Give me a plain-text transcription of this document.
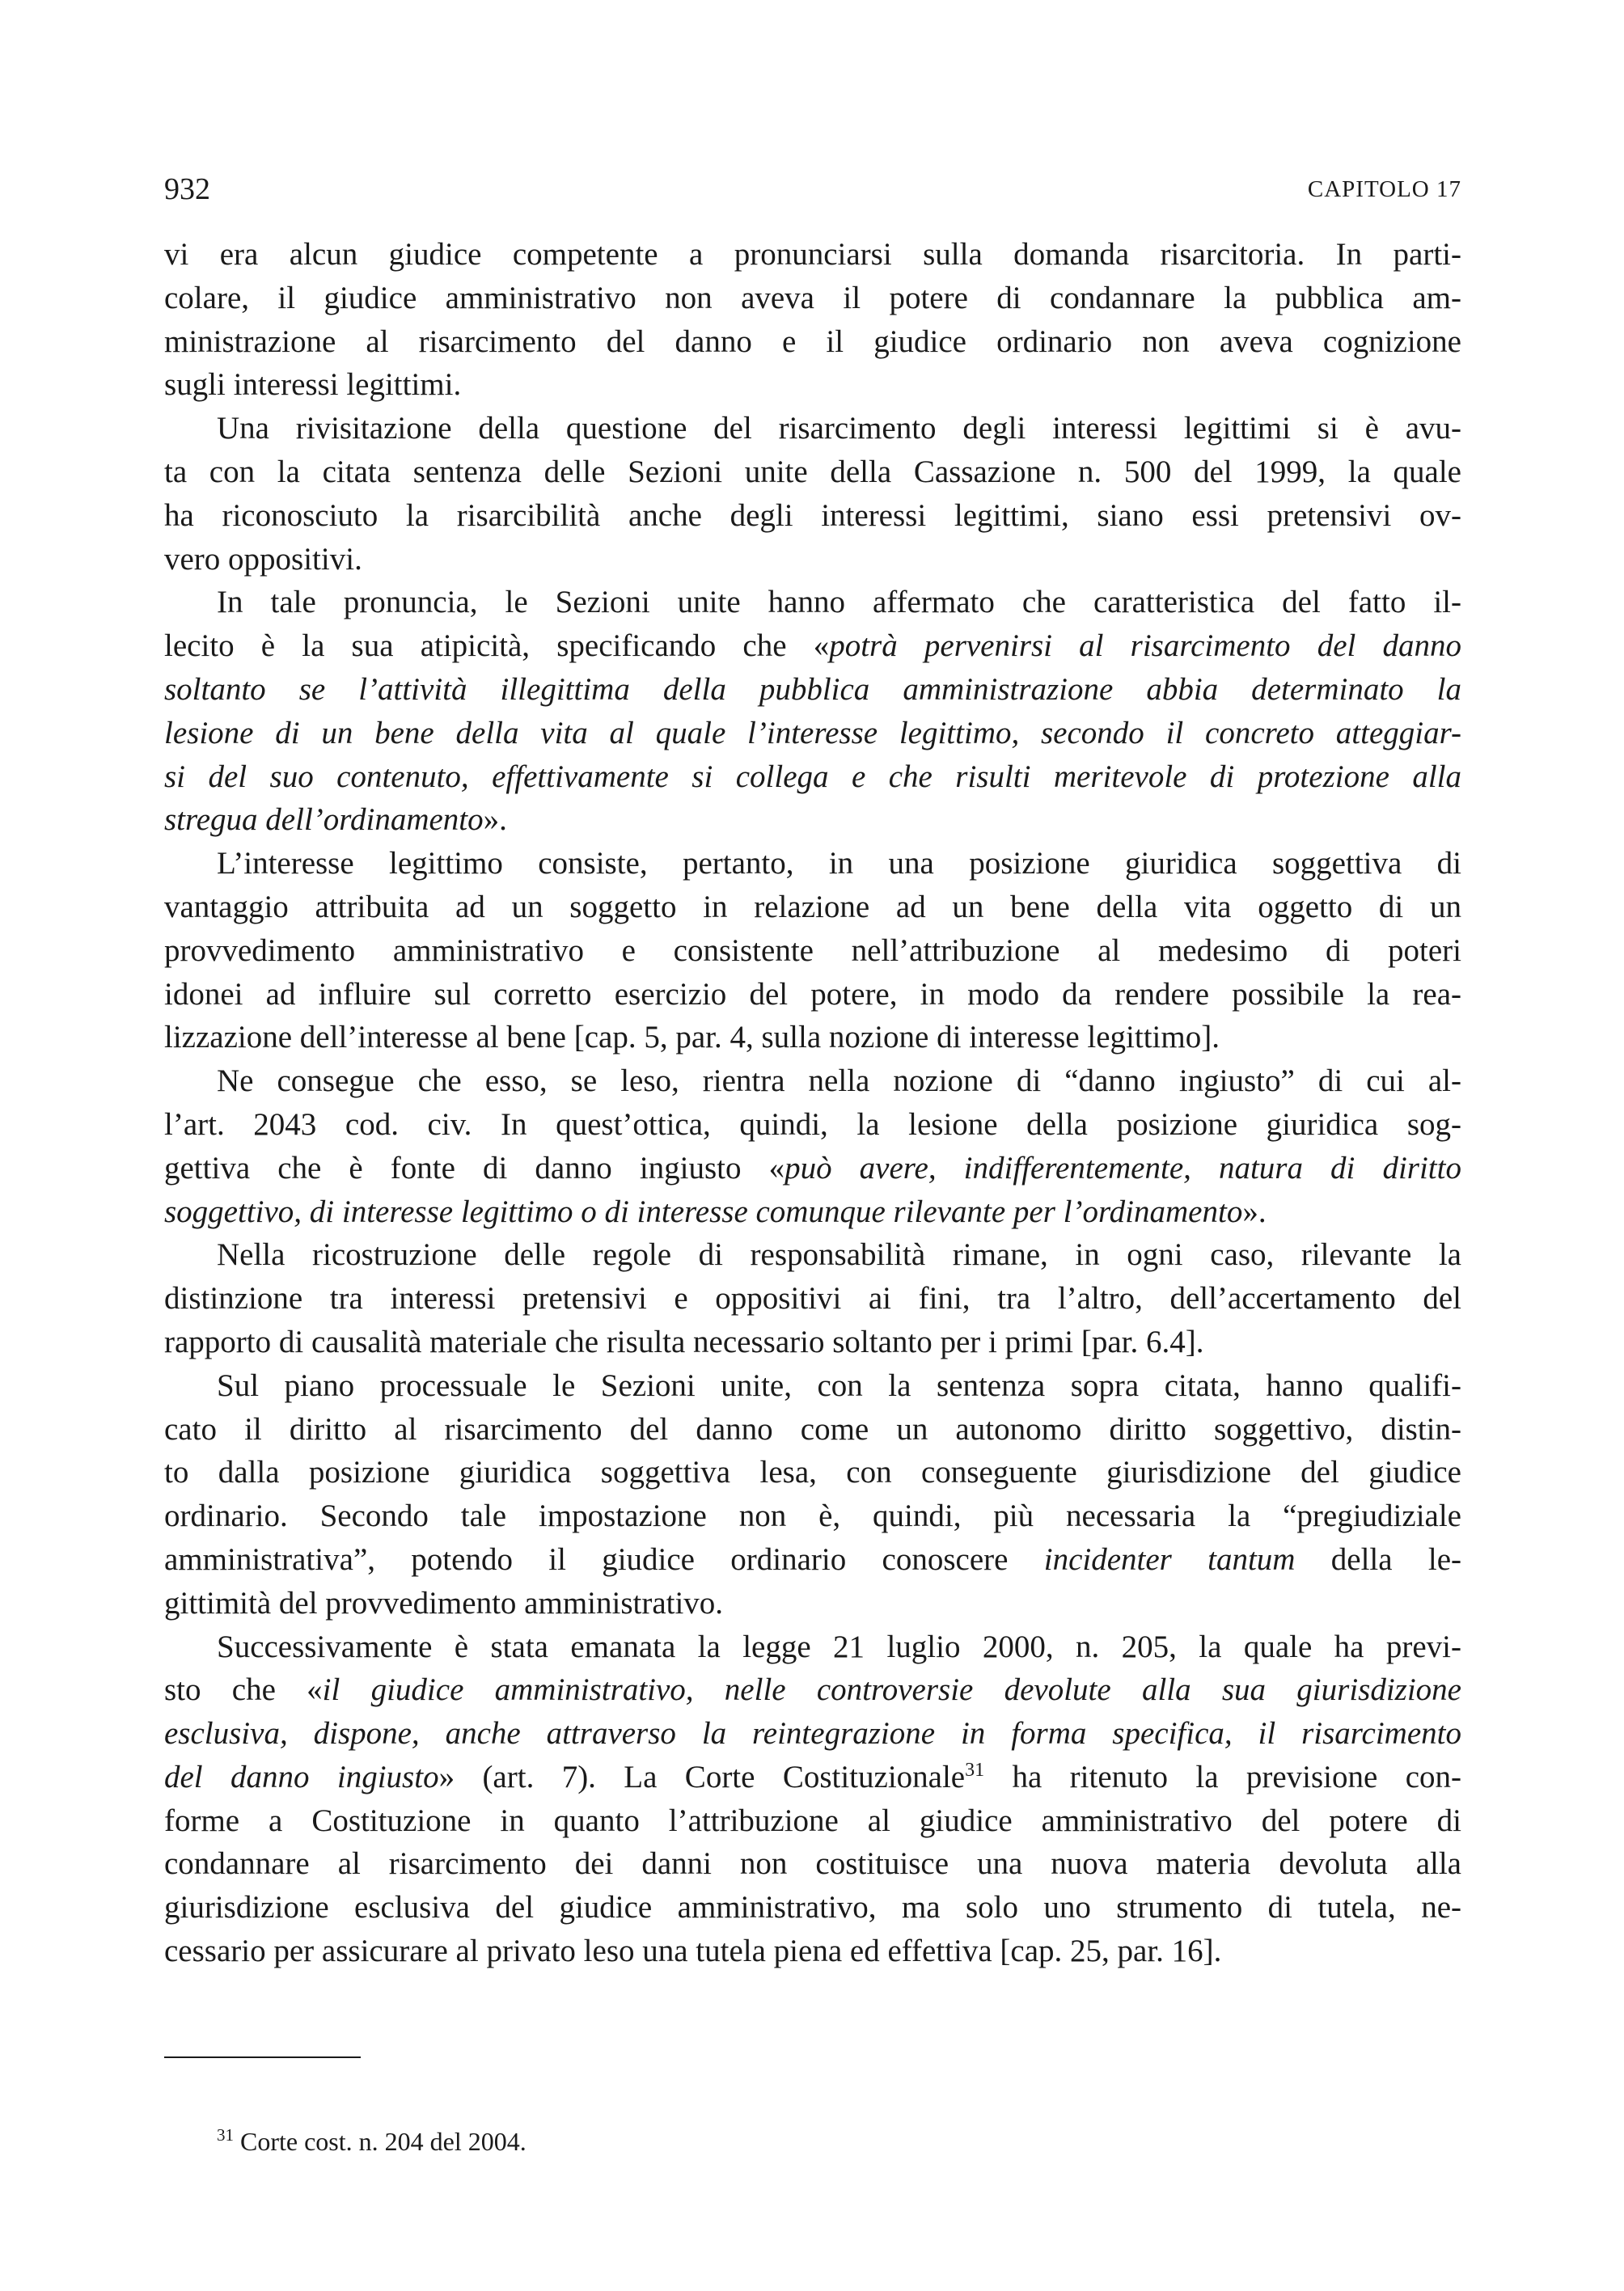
932	CAPITOLO 17
vi era alcun giudice competente a pronunciarsi sulla domanda risarcitoria. In parti-
colare, il giudice amministrativo non aveva il potere di condannare la pubblica am-
ministrazione al risarcimento del danno e il giudice ordinario non aveva cognizione
sugli interessi legittimi.
Una rivisitazione della questione del risarcimento degli interessi legittimi si è avu-
ta con la citata sentenza delle Sezioni unite della Cassazione n. 500 del 1999, la quale
ha riconosciuto la risarcibilità anche degli interessi legittimi, siano essi pretensivi ov-
vero oppositivi.
In tale pronuncia, le Sezioni unite hanno affermato che caratteristica del fatto il-
lecito è la sua atipicità, specificando che «potrà pervenirsi al risarcimento del danno
soltanto se l’attività illegittima della pubblica amministrazione abbia determinato la
lesione di un bene della vita al quale l’interesse legittimo, secondo il concreto atteggiar-
si del suo contenuto, effettivamente si collega e che risulti meritevole di protezione alla
stregua dell’ordinamento».
L’interesse legittimo consiste, pertanto, in una posizione giuridica soggettiva di
vantaggio attribuita ad un soggetto in relazione ad un bene della vita oggetto di un
provvedimento amministrativo e consistente nell’attribuzione al medesimo di poteri
idonei ad influire sul corretto esercizio del potere, in modo da rendere possibile la rea-
lizzazione dell’interesse al bene [cap. 5, par. 4, sulla nozione di interesse legittimo].
Ne consegue che esso, se leso, rientra nella nozione di “danno ingiusto” di cui al-
l’art. 2043 cod. civ. In quest’ottica, quindi, la lesione della posizione giuridica sog-
gettiva che è fonte di danno ingiusto «può avere, indifferentemente, natura di diritto
soggettivo, di interesse legittimo o di interesse comunque rilevante per l’ordinamento».
Nella ricostruzione delle regole di responsabilità rimane, in ogni caso, rilevante la
distinzione tra interessi pretensivi e oppositivi ai fini, tra l’altro, dell’accertamento del
rapporto di causalità materiale che risulta necessario soltanto per i primi [par. 6.4].
Sul piano processuale le Sezioni unite, con la sentenza sopra citata, hanno qualifi-
cato il diritto al risarcimento del danno come un autonomo diritto soggettivo, distin-
to dalla posizione giuridica soggettiva lesa, con conseguente giurisdizione del giudice
ordinario. Secondo tale impostazione non è, quindi, più necessaria la “pregiudiziale
amministrativa”, potendo il giudice ordinario conoscere incidenter tantum della le-
gittimità del provvedimento amministrativo.
Successivamente è stata emanata la legge 21 luglio 2000, n. 205, la quale ha previ-
sto che «il giudice amministrativo, nelle controversie devolute alla sua giurisdizione
esclusiva, dispone, anche attraverso la reintegrazione in forma specifica, il risarcimento
del danno ingiusto» (art. 7). La Corte Costituzionale$^{31}$ ha ritenuto la previsione con-
forme a Costituzione in quanto l’attribuzione al giudice amministrativo del potere di
condannare al risarcimento dei danni non costituisce una nuova materia devoluta alla
giurisdizione esclusiva del giudice amministrativo, ma solo uno strumento di tutela, ne-
cessario per assicurare al privato leso una tutela piena ed effettiva [cap. 25, par. 16].
$^{31}$ Corte cost. n. 204 del 2004.
